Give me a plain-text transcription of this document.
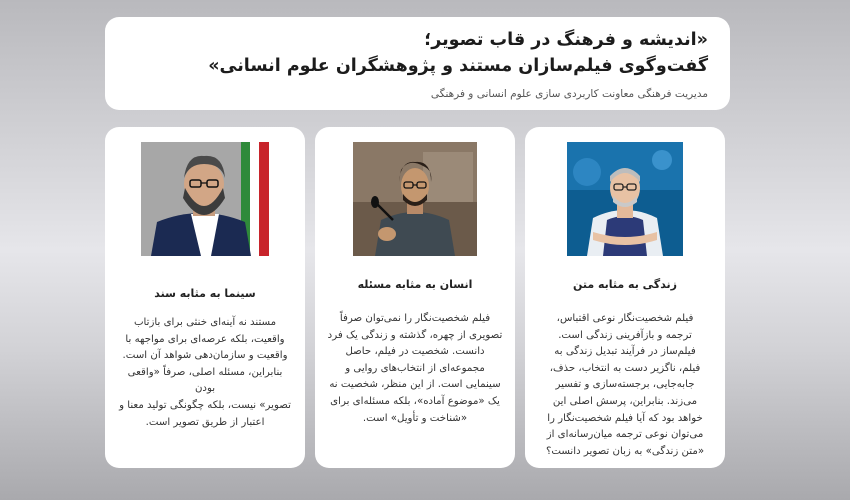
«اندیشه و فرهنگ در قاب تصویر؛
گفت‌وگوی فیلم‌سازان مستند و پژوهشگران علوم انسانی»
مدیریت فرهنگی معاونت کاربردی سازی علوم انسانی و فرهنگی
زندگی به مثابه متن
فیلم شخصیت‌نگار نوعی اقتباس،
ترجمه و بازآفرینی زندگی است.
فیلم‌ساز در فرآیند تبدیل زندگی به
فیلم، ناگزیر دست به انتخاب، حذف،
جابه‌جایی، برجسته‌سازی و تفسیر
می‌زند. بنابراین، پرسش اصلی این
خواهد بود که آیا فیلم شخصیت‌نگار را
می‌توان نوعی ترجمه میان‌رسانه‌ای از
«متن زندگی» به زبان تصویر دانست؟
انسان به مثابه مسئله
فیلم شخصیت‌نگار را نمی‌توان صرفاً
تصویری از چهره، گذشته و زندگی یک فرد
دانست. شخصیت در فیلم، حاصل
مجموعه‌ای از انتخاب‌های روایی و
سینمایی است. از این منظر، شخصیت نه
یک «موضوع آماده»، بلکه مسئله‌ای برای
«شناخت و تأویل» است.
سینما به مثابه سند
مستند نه آینه‌ای خنثی برای بازتاب
واقعیت، بلکه عرصه‌ای برای مواجهه با
واقعیت و سازمان‌دهی شواهد آن است.
بنابراین، مسئله اصلی، صرفاً «واقعی بودن
تصویر» نیست، بلکه چگونگی تولید معنا و
اعتبار از طریق تصویر است.
